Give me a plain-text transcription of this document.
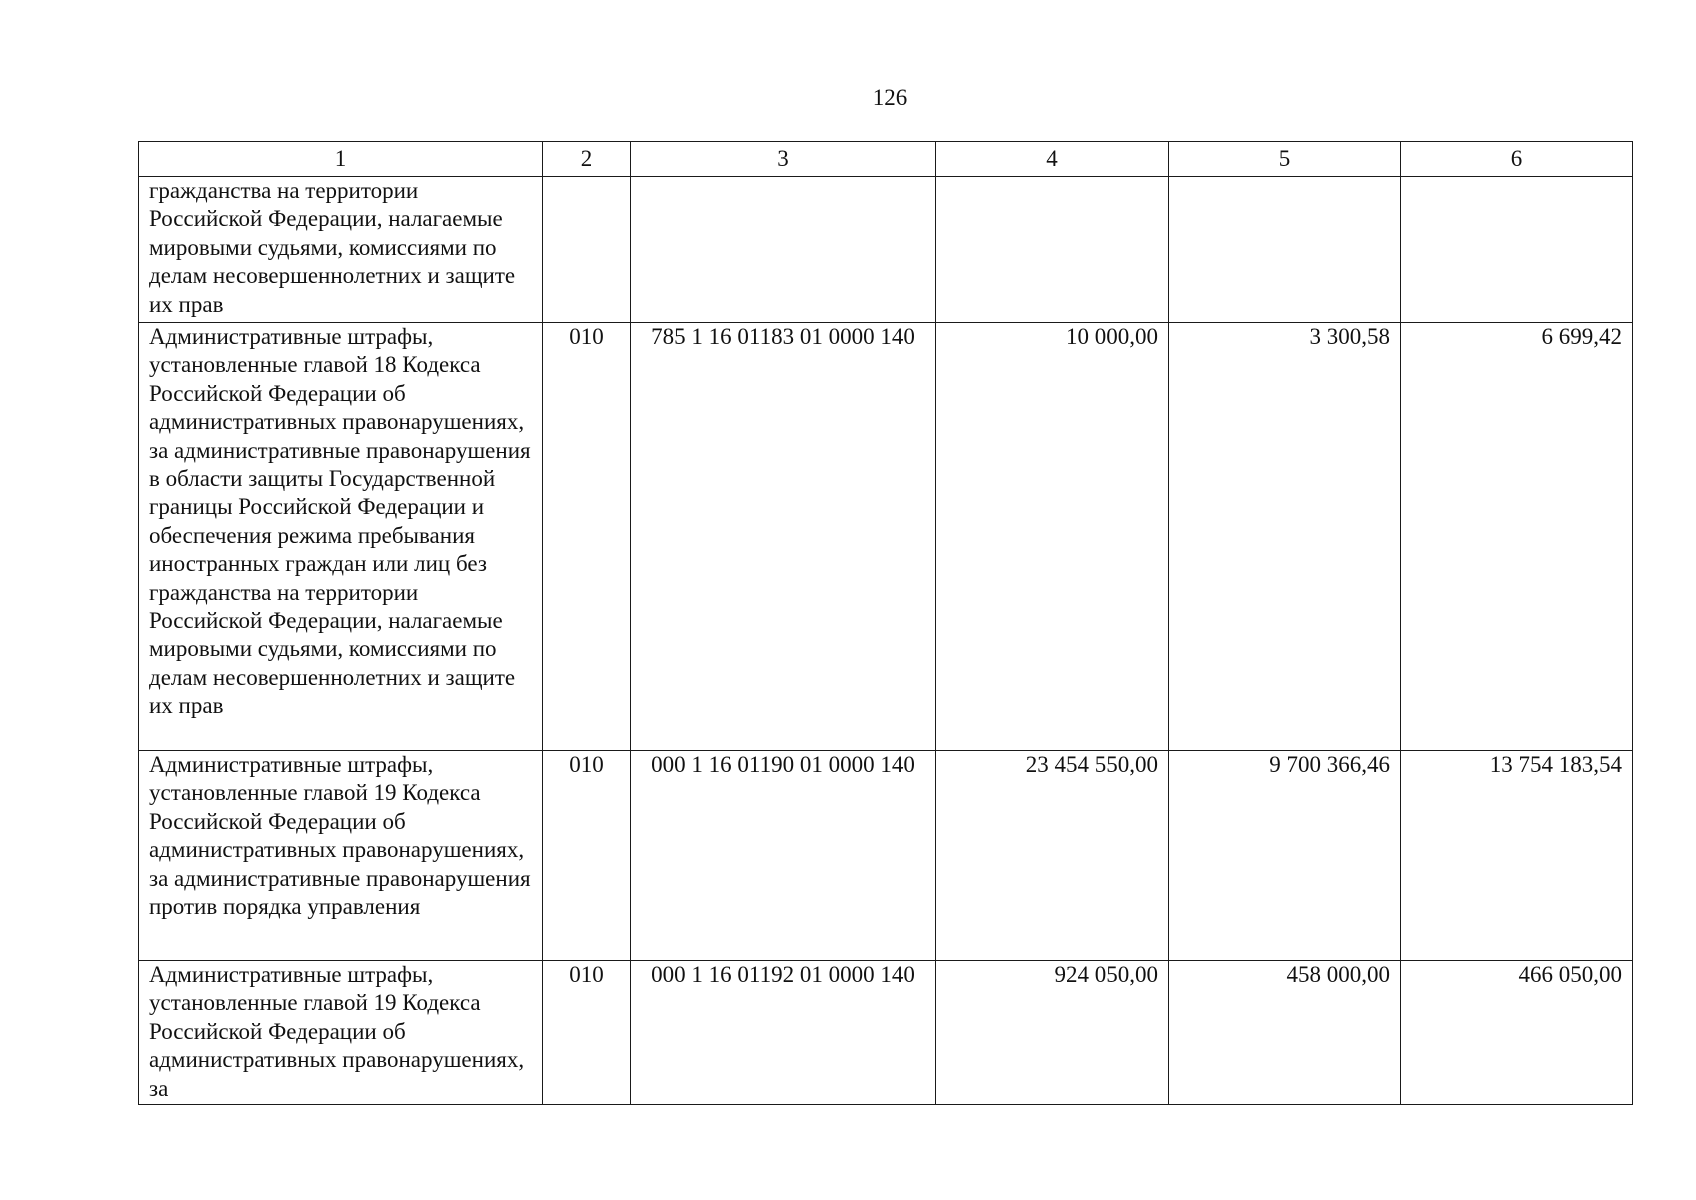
126
1	2	3	4	5	6
гражданства на территории Российской Федерации, налагаемые мировыми судьями, комиссиями по делам несовершеннолетних и защите их прав					
Административные штрафы, установленные главой 18 Кодекса Российской Федерации об административных правонарушениях, за административные правонарушения в области защиты Государственной границы Российской Федерации и обеспечения режима пребывания иностранных граждан или лиц без гражданства на территории Российской Федерации, налагаемые мировыми судьями, комиссиями по делам несовершеннолетних и защите их прав	010	785 1 16 01183 01 0000 140	10 000,00	3 300,58	6 699,42
Административные штрафы, установленные главой 19 Кодекса Российской Федерации об административных правонарушениях, за административные правонарушения против порядка управления	010	000 1 16 01190 01 0000 140	23 454 550,00	9 700 366,46	13 754 183,54
Административные штрафы, установленные главой 19 Кодекса Российской Федерации об административных правонарушениях, за	010	000 1 16 01192 01 0000 140	924 050,00	458 000,00	466 050,00
